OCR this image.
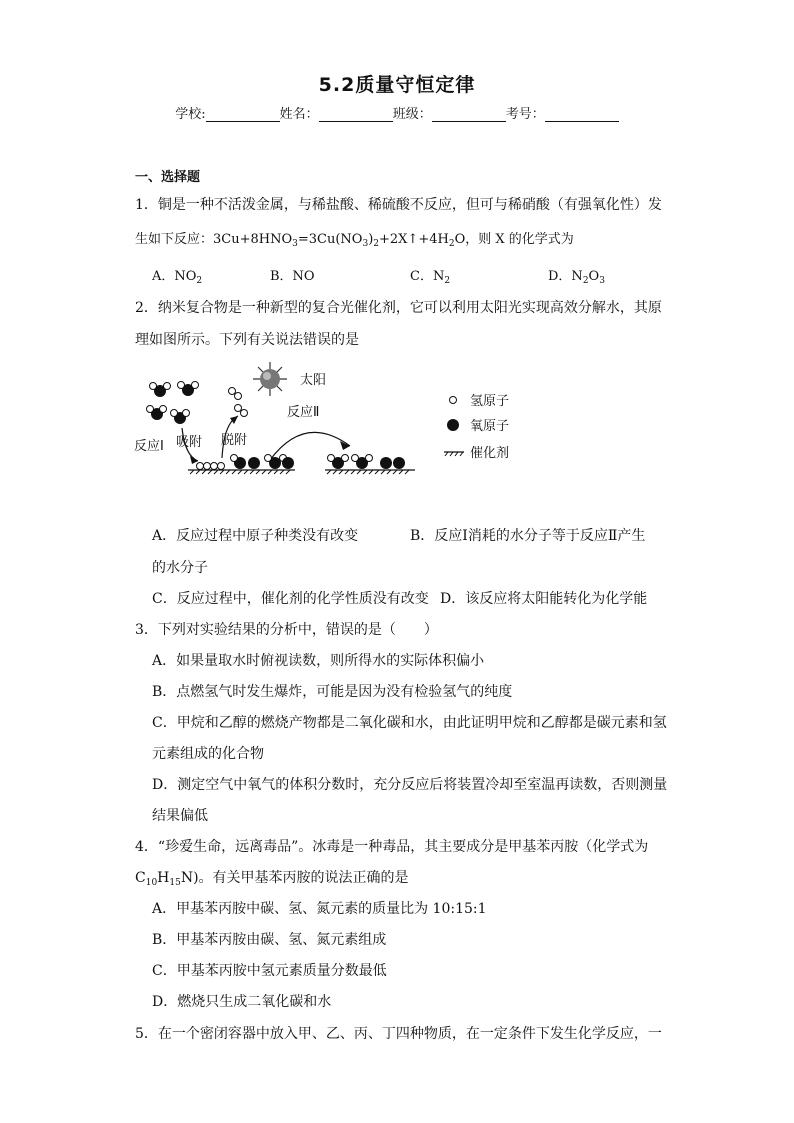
5.2质量守恒定律
学校:	姓名：	班级：	考号：
一、选择题
1．铜是一种不活泼金属，与稀盐酸、稀硫酸不反应，但可与稀硝酸（有强氧化性）发
生如下反应：$3Cu+8HNO_3=3Cu(NO_3)_2+2X↑+4H_2O$，则 X 的化学式为
A．$NO_2$	B．NO	C．$N_2$	D．$N_2O_3$
2．纳米复合物是一种新型的复合光催化剂，它可以利用太阳光实现高效分解水，其原
理如图所示。下列有关说法错误的是
太阳
反应Ⅰ 吸附 脱附
反应Ⅱ
氢原子
氧原子
催化剂
A．反应过程中原子种类没有改变	B．反应Ⅰ消耗的水分子等于反应Ⅱ产生
的水分子
C．反应过程中，催化剂的化学性质没有改变 D．该反应将太阳能转化为化学能
3．下列对实验结果的分析中，错误的是（　　）
A．如果量取水时俯视读数，则所得水的实际体积偏小
B．点燃氢气时发生爆炸，可能是因为没有检验氢气的纯度
C．甲烷和乙醇的燃烧产物都是二氧化碳和水，由此证明甲烷和乙醇都是碳元素和氢
元素组成的化合物
D．测定空气中氧气的体积分数时，充分反应后将装置冷却至室温再读数，否则测量
结果偏低
4．“珍爱生命，远离毒品”。冰毒是一种毒品，其主要成分是甲基苯丙胺（化学式为
$C_{10}H_{15}N$)。有关甲基苯丙胺的说法正确的是
A．甲基苯丙胺中碳、氢、氮元素的质量比为 10:15:1
B．甲基苯丙胺由碳、氢、氮元素组成
C．甲基苯丙胺中氢元素质量分数最低
D．燃烧只生成二氧化碳和水
5．在一个密闭容器中放入甲、乙、丙、丁四种物质，在一定条件下发生化学反应，一
